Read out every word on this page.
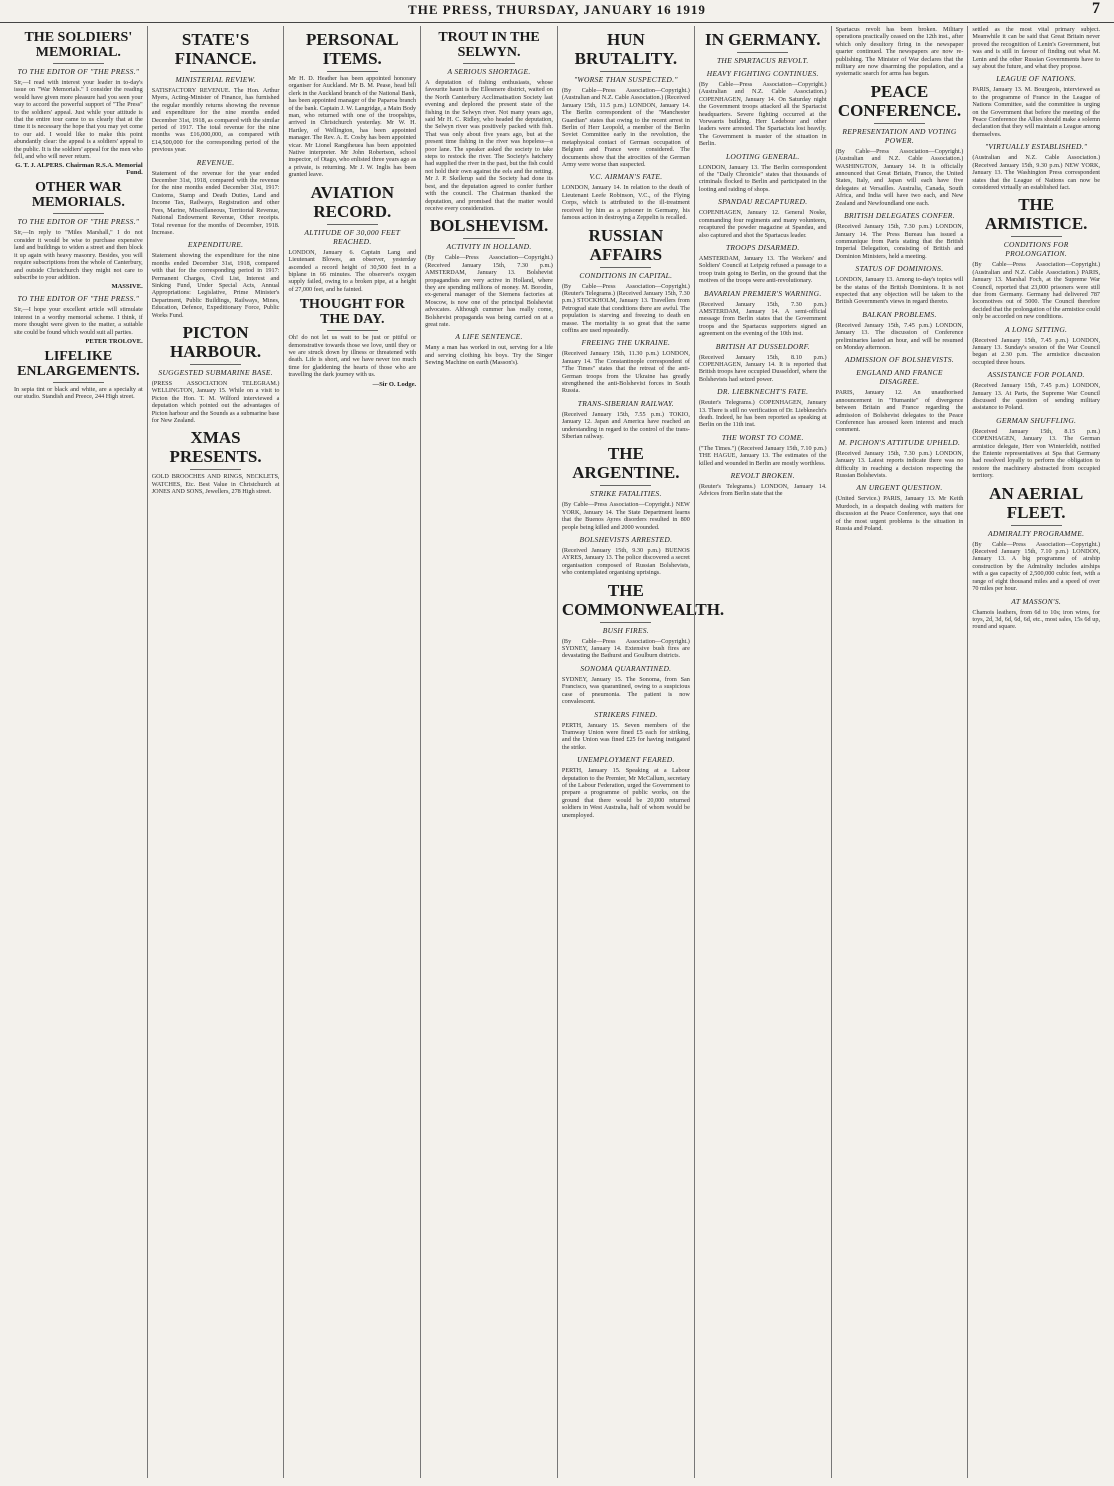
THE PRESS, THURSDAY, JANUARY 16 1919	7
THE SOLDIERS' MEMORIAL.
TO THE EDITOR OF "THE PRESS."

Sir,—I read with interest your leader in to-day's issue on "War Memorials." I consider the reading would have given more pleasure had you seen your way to accord the powerful support of "The Press" to the soldiers' appeal. Just while your attitude is that the entire tour came to us clearly that at the time it is necessary the hope that you may yet come to our aid. I would like to make this point abundantly clear: the appeal is a soldiers' appeal to the public. It is the soldiers' appeal for the men who fell, and who will never return.

G. T. J. ALPERS. Chairman R.S.A. Memorial Fund.
OTHER WAR MEMORIALS.
TO THE EDITOR OF "THE PRESS."

Sir,—In reply to "Miles Marshall," I do not consider it would be wise to purchase expensive land and buildings to widen a street and then block it up again with heavy masonry. Besides, you will require subscriptions from the whole of Canterbury, and outside Christchurch they might not care to subscribe to your addition.

MASSIVE.
TO THE EDITOR OF "THE PRESS."

Sir,—I hope your excellent article will stimulate interest in a worthy memorial scheme. I think, if more thought were given to the matter, a suitable site could be found which would suit all parties.

PETER TROLOVE.
LIFELIKE ENLARGEMENTS.

In sepia tint or black and white, are a specialty at our studio. Standish and Preece, 244 High street.

STATE'S FINANCE.
MINISTERIAL REVIEW.

SATISFACTORY REVENUE. The Hon. Arthur Myers, Acting-Minister of Finance, has furnished the regular monthly returns showing the revenue and expenditure for the nine months ended December 31st, 1918, as compared with the similar period of 1917. The total revenue for the nine months was £16,000,000, as compared with £14,500,000 for the corresponding period of the previous year.

REVENUE.

Statement of the revenue for the year ended December 31st, 1918, compared with the revenue for the nine months ended December 31st, 1917: Customs, Stamp and Death Duties, Land and Income Tax, Railways, Registration and other Fees, Marine, Miscellaneous, Territorial Revenue, National Endowment Revenue, Other receipts. Total revenue for the months of December, 1918. Increase.

EXPENDITURE.

Statement showing the expenditure for the nine months ended December 31st, 1918, compared with that for the corresponding period in 1917: Permanent Charges, Civil List, Interest and Sinking Fund, Under Special Acts, Annual Appropriations: Legislative, Prime Minister's Department, Public Buildings, Railways, Mines, Education, Defence, Expeditionary Force, Public Works Fund.

PICTON HARBOUR.
SUGGESTED SUBMARINE BASE.

(PRESS ASSOCIATION TELEGRAM.) WELLINGTON, January 15. While on a visit to Picton the Hon. T. M. Wilford interviewed a deputation which pointed out the advantages of Picton harbour and the Sounds as a submarine base for New Zealand.

XMAS PRESENTS.

GOLD BROOCHES AND RINGS, NECKLETS, WATCHES, Etc. Best Value in Christchurch at JONES AND SONS, Jewellers, 278 High street.

PERSONAL ITEMS.

Mr H. D. Heather has been appointed honorary organiser for Auckland. Mr B. M. Pease, head bill clerk in the Auckland branch of the National Bank, has been appointed manager of the Paparoa branch of the bank. Captain J. W. Langridge, a Main Body man, who returned with one of the troopships, arrived in Christchurch yesterday. Mr W. H. Hartley, of Wellington, has been appointed manager. The Rev. A. E. Cosby has been appointed vicar. Mr Lionel Rangiheuea has been appointed Native interpreter. Mr John Robertson, school inspector, of Otago, who enlisted three years ago as a private, is returning. Mr J. W. Inglis has been granted leave.

AVIATION RECORD.
ALTITUDE OF 30,000 FEET REACHED.

LONDON, January 6. Captain Lang and Lieutenant Blowes, an observer, yesterday ascended a record height of 30,500 feet in a biplane in 66 minutes. The observer's oxygen supply failed, owing to a broken pipe, at a height of 27,000 feet, and he fainted.

THOUGHT FOR THE DAY.

Oh! do not let us wait to be just or pitiful or demonstrative towards those we love, until they or we are struck down by illness or threatened with death. Life is short, and we have never too much time for gladdening the hearts of those who are travelling the dark journey with us.

—Sir O. Lodge.
TROUT IN THE SELWYN.
A SERIOUS SHORTAGE.

A deputation of fishing enthusiasts, whose favourite haunt is the Ellesmere district, waited on the North Canterbury Acclimatisation Society last evening and deplored the present state of the fishing in the Selwyn river. Not many years ago, said Mr H. C. Ridley, who headed the deputation, the Selwyn river was positively packed with fish. That was only about five years ago, but at the present time fishing in the river was hopeless—a poor lane. The speaker asked the society to take steps to restock the river. The Society's hatchery had supplied the river in the past, but the fish could not hold their own against the eels and the netting. Mr J. P. Skellerup said the Society had done its best, and the deputation agreed to confer further with the council. The Chairman thanked the deputation, and promised that the matter would receive every consideration.

BOLSHEVISM.
ACTIVITY IN HOLLAND.

(By Cable—Press Association—Copyright.) (Received January 15th, 7.30 p.m.) AMSTERDAM, January 13. Bolshevist propagandists are very active in Holland, where they are spending millions of money. M. Borodin, ex-general manager of the Siemens factories at Moscow, is now one of the principal Bolshevist advocates. Although cummer has really come, Bolshevist propaganda was being carried on at a great rate.

A LIFE SENTENCE.

Many a man has worked in out, serving for a life and serving clothing his boys. Try the Singer Sewing Machine on earth (Masson's).

HUN BRUTALITY.
"WORSE THAN SUSPECTED."

(By Cable—Press Association—Copyright.) (Australian and N.Z. Cable Association.) (Received January 15th, 11.5 p.m.) LONDON, January 14. The Berlin correspondent of the "Manchester Guardian" states that owing to the recent arrest in Berlin of Herr Leopold, a member of the Berlin Soviet Committee early in the revolution, the metaphysical contact of German occupation of Belgium and France were considered. The documents show that the atrocities of the German Army were worse than suspected.

V.C. AIRMAN'S FATE.

LONDON, January 14. In relation to the death of Lieutenant Leefe Robinson, V.C., of the Flying Corps, which is attributed to the ill-treatment received by him as a prisoner in Germany, his famous action in destroying a Zeppelin is recalled.

RUSSIAN AFFAIRS
CONDITIONS IN CAPITAL.

(By Cable—Press Association—Copyright.) (Reuter's Telegrams.) (Received January 15th, 7.30 p.m.) STOCKHOLM, January 13. Travellers from Petrograd state that conditions there are awful. The population is starving and freezing to death en masse. The mortality is so great that the same coffins are used repeatedly.

FREEING THE UKRAINE.

(Received January 15th, 11.30 p.m.) LONDON, January 14. The Constantinople correspondent of "The Times" states that the retreat of the anti-German troops from the Ukraine has greatly strengthened the anti-Bolshevist forces in South Russia.

TRANS-SIBERIAN RAILWAY.

(Received January 15th, 7.55 p.m.) TOKIO, January 12. Japan and America have reached an understanding in regard to the control of the trans-Siberian railway.

THE ARGENTINE.
STRIKE FATALITIES.

(By Cable—Press Association—Copyright.) NEW YORK, January 14. The State Department learns that the Buenos Ayres disorders resulted in 800 people being killed and 2000 wounded.

BOLSHEVISTS ARRESTED.

(Received January 15th, 9.30 p.m.) BUENOS AYRES, January 13. The police discovered a secret organisation composed of Russian Bolshevists, who contemplated organising uprisings.

THE COMMONWEALTH.
BUSH FIRES.

(By Cable—Press Association—Copyright.) SYDNEY, January 14. Extensive bush fires are devastating the Bathurst and Goulburn districts.

SONOMA QUARANTINED.

SYDNEY, January 15. The Sonoma, from San Francisco, was quarantined, owing to a suspicious case of pneumonia. The patient is now convalescent.

STRIKERS FINED.

PERTH, January 15. Seven members of the Tramway Union were fined £5 each for striking, and the Union was fined £25 for having instigated the strike.

UNEMPLOYMENT FEARED.

PERTH, January 15. Speaking at a Labour deputation to the Premier, Mr McCallum, secretary of the Labour Federation, urged the Government to prepare a programme of public works, on the ground that there would be 20,000 returned soldiers in West Australia, half of whom would be unemployed.

IN GERMANY.
THE SPARTACUS REVOLT.
HEAVY FIGHTING CONTINUES.

(By Cable—Press Association—Copyright.) (Australian and N.Z. Cable Association.) COPENHAGEN, January 14. On Saturday night the Government troops attacked all the Spartacist headquarters. Severe fighting occurred at the Vorwaerts building. Herr Ledebour and other leaders were arrested. The Spartacists lost heavily. The Government is master of the situation in Berlin.

LOOTING GENERAL.

LONDON, January 13. The Berlin correspondent of the "Daily Chronicle" states that thousands of criminals flocked to Berlin and participated in the looting and raiding of shops.

SPANDAU RECAPTURED.

COPENHAGEN, January 12. General Noske, commanding four regiments and many volunteers, recaptured the powder magazine at Spandau, and also captured and shot the Spartacus leader.

TROOPS DISARMED.

AMSTERDAM, January 13. The Workers' and Soldiers' Council at Leipzig refused a passage to a troop train going to Berlin, on the ground that the motives of the troops were anti-revolutionary.

BAVARIAN PREMIER'S WARNING.

(Received January 15th, 7.30 p.m.) AMSTERDAM, January 14. A semi-official message from Berlin states that the Government troops and the Spartacus supporters signed an agreement on the evening of the 10th inst.

BRITISH AT DUSSELDORF.

(Received January 15th, 8.10 p.m.) COPENHAGEN, January 14. It is reported that British troops have occupied Dusseldorf, where the Bolshevists had seized power.

DR. LIEBKNECHT'S FATE.

(Reuter's Telegrams.) COPENHAGEN, January 13. There is still no verification of Dr. Liebknecht's death. Indeed, he has been reported as speaking at Berlin on the 11th inst.

THE WORST TO COME.

("The Times.") (Received January 15th, 7.10 p.m.) THE HAGUE, January 13. The estimates of the killed and wounded in Berlin are mostly worthless.

REVOLT BROKEN.

(Reuter's Telegrams.) LONDON, January 14. Advices from Berlin state that the

Spartacus revolt has been broken. Military operations practically ceased on the 12th inst., after which only desultory firing in the newspaper quarter continued. The newspapers are now re-publishing. The Minister of War declares that the military are now disarming the population, and a systematic search for arms has begun.

PEACE CONFERENCE.
REPRESENTATION AND VOTING POWER.

(By Cable—Press Association—Copyright.) (Australian and N.Z. Cable Association.) WASHINGTON, January 14. It is officially announced that Great Britain, France, the United States, Italy, and Japan will each have five delegates at Versailles. Australia, Canada, South Africa, and India will have two each, and New Zealand and Newfoundland one each.

BRITISH DELEGATES CONFER.

(Received January 15th, 7.30 p.m.) LONDON, January 14. The Press Bureau has issued a communique from Paris stating that the British Imperial Delegation, consisting of British and Dominion Ministers, held a meeting.

STATUS OF DOMINIONS.

LONDON, January 13. Among to-day's topics will be the status of the British Dominions. It is not expected that any objection will be taken to the British Government's views in regard thereto.

BALKAN PROBLEMS.

(Received January 15th, 7.45 p.m.) LONDON, January 13. The discussion of Conference preliminaries lasted an hour, and will be resumed on Monday afternoon.

ADMISSION OF BOLSHEVISTS.
ENGLAND AND FRANCE DISAGREE.

PARIS, January 12. An unauthorised announcement in "Humanite" of divergence between Britain and France regarding the admission of Bolshevist delegates to the Peace Conference has aroused keen interest and much comment.

M. PICHON'S ATTITUDE UPHELD.

(Received January 15th, 7.30 p.m.) LONDON, January 13. Latest reports indicate there was no difficulty in reaching a decision respecting the Russian Bolshevists.

AN URGENT QUESTION.

(United Service.) PARIS, January 13. Mr Keith Murdoch, in a despatch dealing with matters for discussion at the Peace Conference, says that one of the most urgent problems is the situation in Russia and Poland.

settled as the most vital primary subject. Meanwhile it can be said that Great Britain never proved the recognition of Lenin's Government, but was and is still in favour of finding out what M. Lenin and the other Russian Governments have to say about the future, and what they propose.

LEAGUE OF NATIONS.

PARIS, January 13. M. Bourgeois, interviewed as to the programme of France in the League of Nations Committee, said the committee is urging on the Government that before the meeting of the Peace Conference the Allies should make a solemn declaration that they will maintain a League among themselves.

"VIRTUALLY ESTABLISHED."

(Australian and N.Z. Cable Association.) (Received January 15th, 9.30 p.m.) NEW YORK, January 13. The Washington Press correspondent states that the League of Nations can now be considered virtually an established fact.

THE ARMISTICE.
CONDITIONS FOR PROLONGATION.

(By Cable—Press Association—Copyright.) (Australian and N.Z. Cable Association.) PARIS, January 13. Marshal Foch, at the Supreme War Council, reported that 23,000 prisoners were still due from Germany. Germany had delivered 787 locomotives out of 5000. The Council therefore decided that the prolongation of the armistice could only be accorded on new conditions.

A LONG SITTING.

(Received January 15th, 7.45 p.m.) LONDON, January 13. Sunday's session of the War Council began at 2.30 p.m. The armistice discussion occupied three hours.

ASSISTANCE FOR POLAND.

(Received January 15th, 7.45 p.m.) LONDON, January 13. At Paris, the Supreme War Council discussed the question of sending military assistance to Poland.

GERMAN SHUFFLING.

(Received January 15th, 8.15 p.m.) COPENHAGEN, January 13. The German armistice delegate, Herr von Winterfeldt, notified the Entente representatives at Spa that Germany had resolved loyally to perform the obligation to restore the machinery abstracted from occupied territory.

AN AERIAL FLEET.
ADMIRALTY PROGRAMME.

(By Cable—Press Association—Copyright.) (Received January 15th, 7.10 p.m.) LONDON, January 13. A big programme of airship construction by the Admiralty includes airships with a gas capacity of 2,500,000 cubic feet, with a range of eight thousand miles and a speed of over 70 miles per hour.

AT MASSON'S.

Chamois leathers, from 6d to 10s; iron wires, for toys, 2d, 3d, 6d, 6d, 6d, etc., most sales, 15s 6d up, round and square.
